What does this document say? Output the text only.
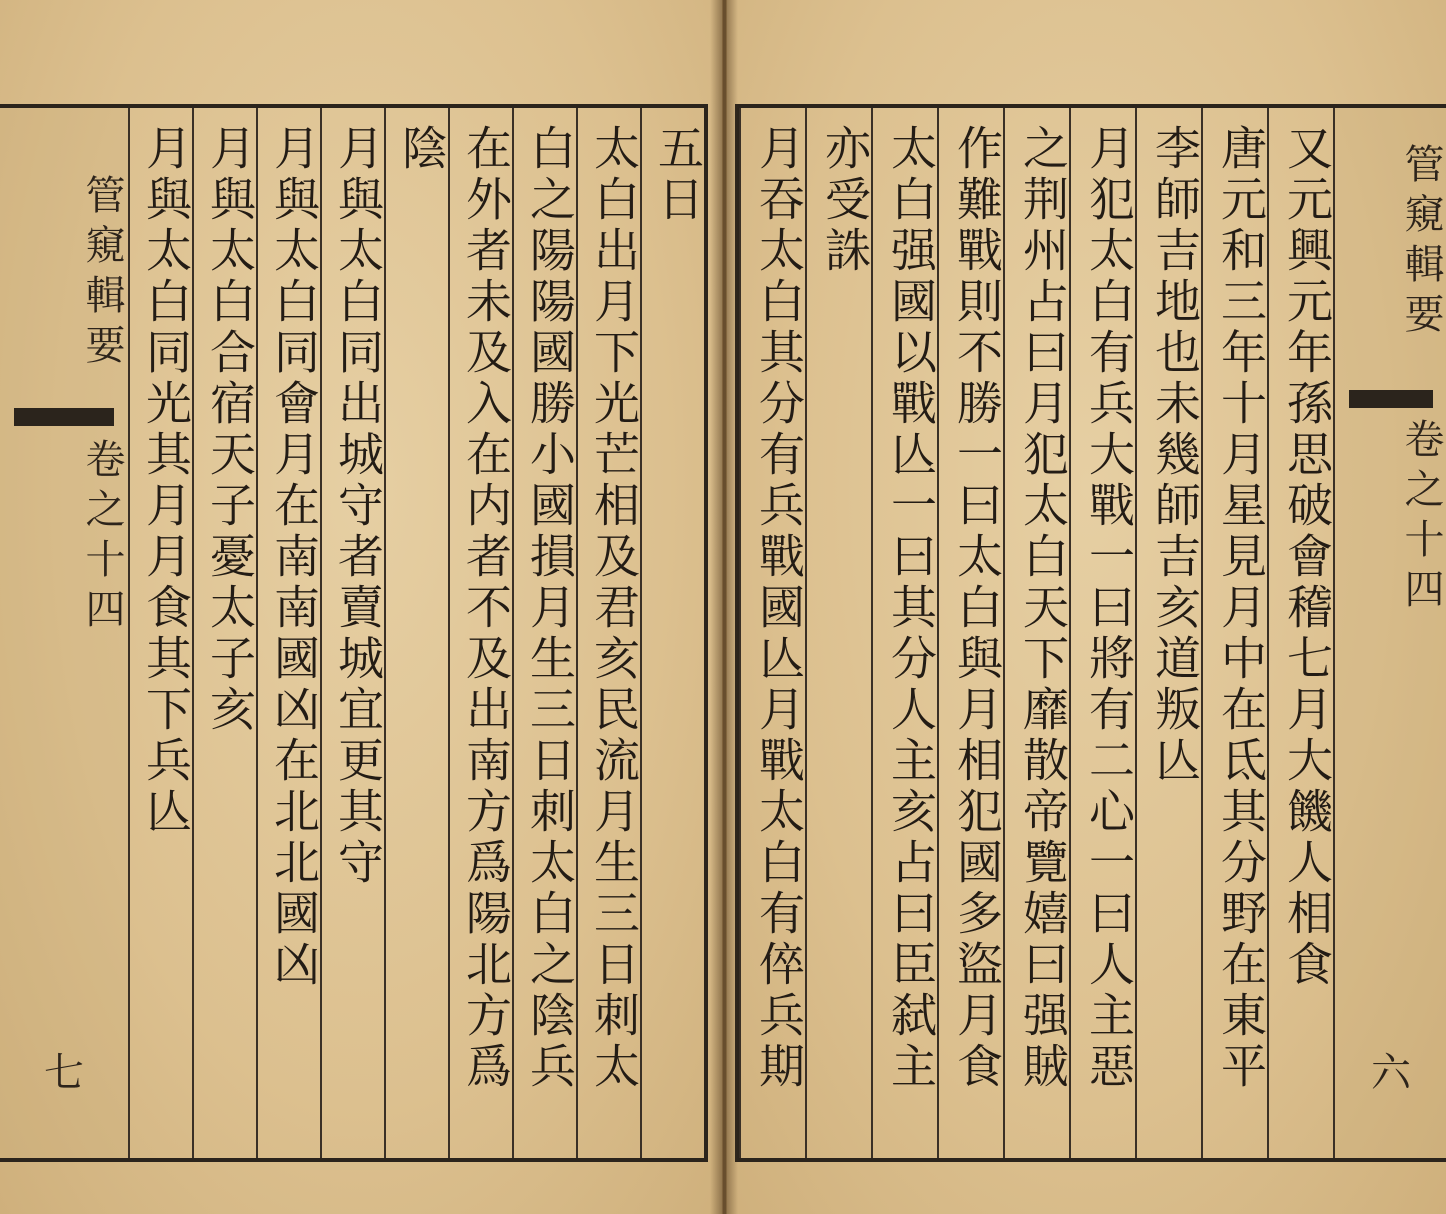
五日
太白出月下光芒相及君亥民流月生三日刺太
白之陽陽國勝小國損月生三日刺太白之陰兵
在外者未及入在内者不及出南方爲陽北方爲
陰
月與太白同出城守者賣城宜更其守
月與太白同會月在南南國凶在北北國凶
月與太白合宿天子憂太子亥
月與太白同光其月月食其下兵亾
管窺輯要
卷之十四
七
管窺輯要
卷之十四
六
又元興元年孫思破會稽七月大饑人相食
唐元和三年十月星見月中在氐其分野在東平
李師吉地也未幾師吉亥道叛亾
月犯太白有兵大戰一曰將有二心一曰人主惡
之荆州占曰月犯太白天下靡散帝覽嬉曰强賊
作難戰則不勝一曰太白與月相犯國多盜月食
太白强國以戰亾一曰其分人主亥占曰臣弑主
亦受誅
月吞太白其分有兵戰國亾月戰太白有倅兵期
